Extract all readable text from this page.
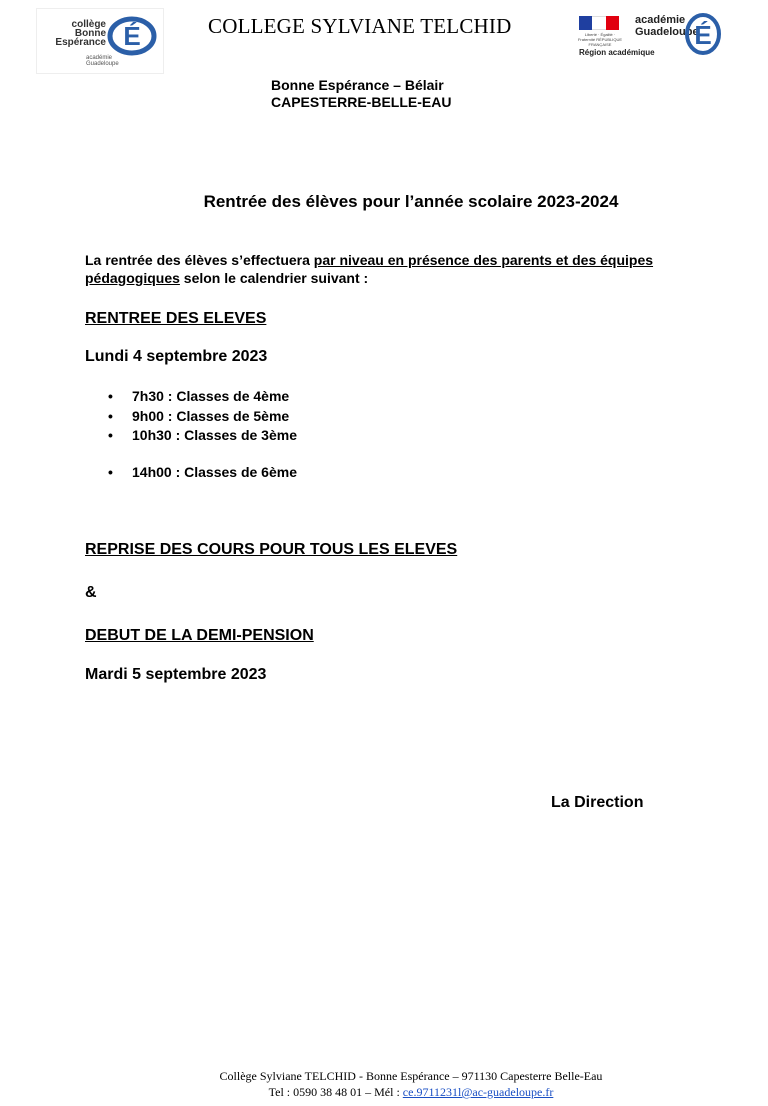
collège
Bonne
Espérance É
académie
Guadeloupe
COLLEGE SYLVIANE TELCHID	Liberté · Égalité · Fraternité RÉPUBLIQUE FRANÇAISE
académie
Guadeloupe
É
Région académique
Bonne Espérance – Bélair
CAPESTERRE-BELLE-EAU
Rentrée des élèves pour l’année scolaire 2023-2024
La rentrée des élèves s’effectuera par niveau en présence des parents et des équipes pédagogiques selon le calendrier suivant :
RENTREE DES ELEVES
Lundi 4 septembre 2023
• 7h30 : Classes de 4ème
• 9h00 : Classes de 5ème
• 10h30 : Classes de 3ème
• 14h00 : Classes de 6ème
REPRISE DES COURS POUR TOUS LES ELEVES
&
DEBUT DE LA DEMI-PENSION
Mardi 5 septembre 2023
La Direction
Collège Sylviane TELCHID - Bonne Espérance – 971130 Capesterre Belle-Eau
Tel : 0590 38 48 01 – Mél : ce.9711231l@ac-guadeloupe.fr
